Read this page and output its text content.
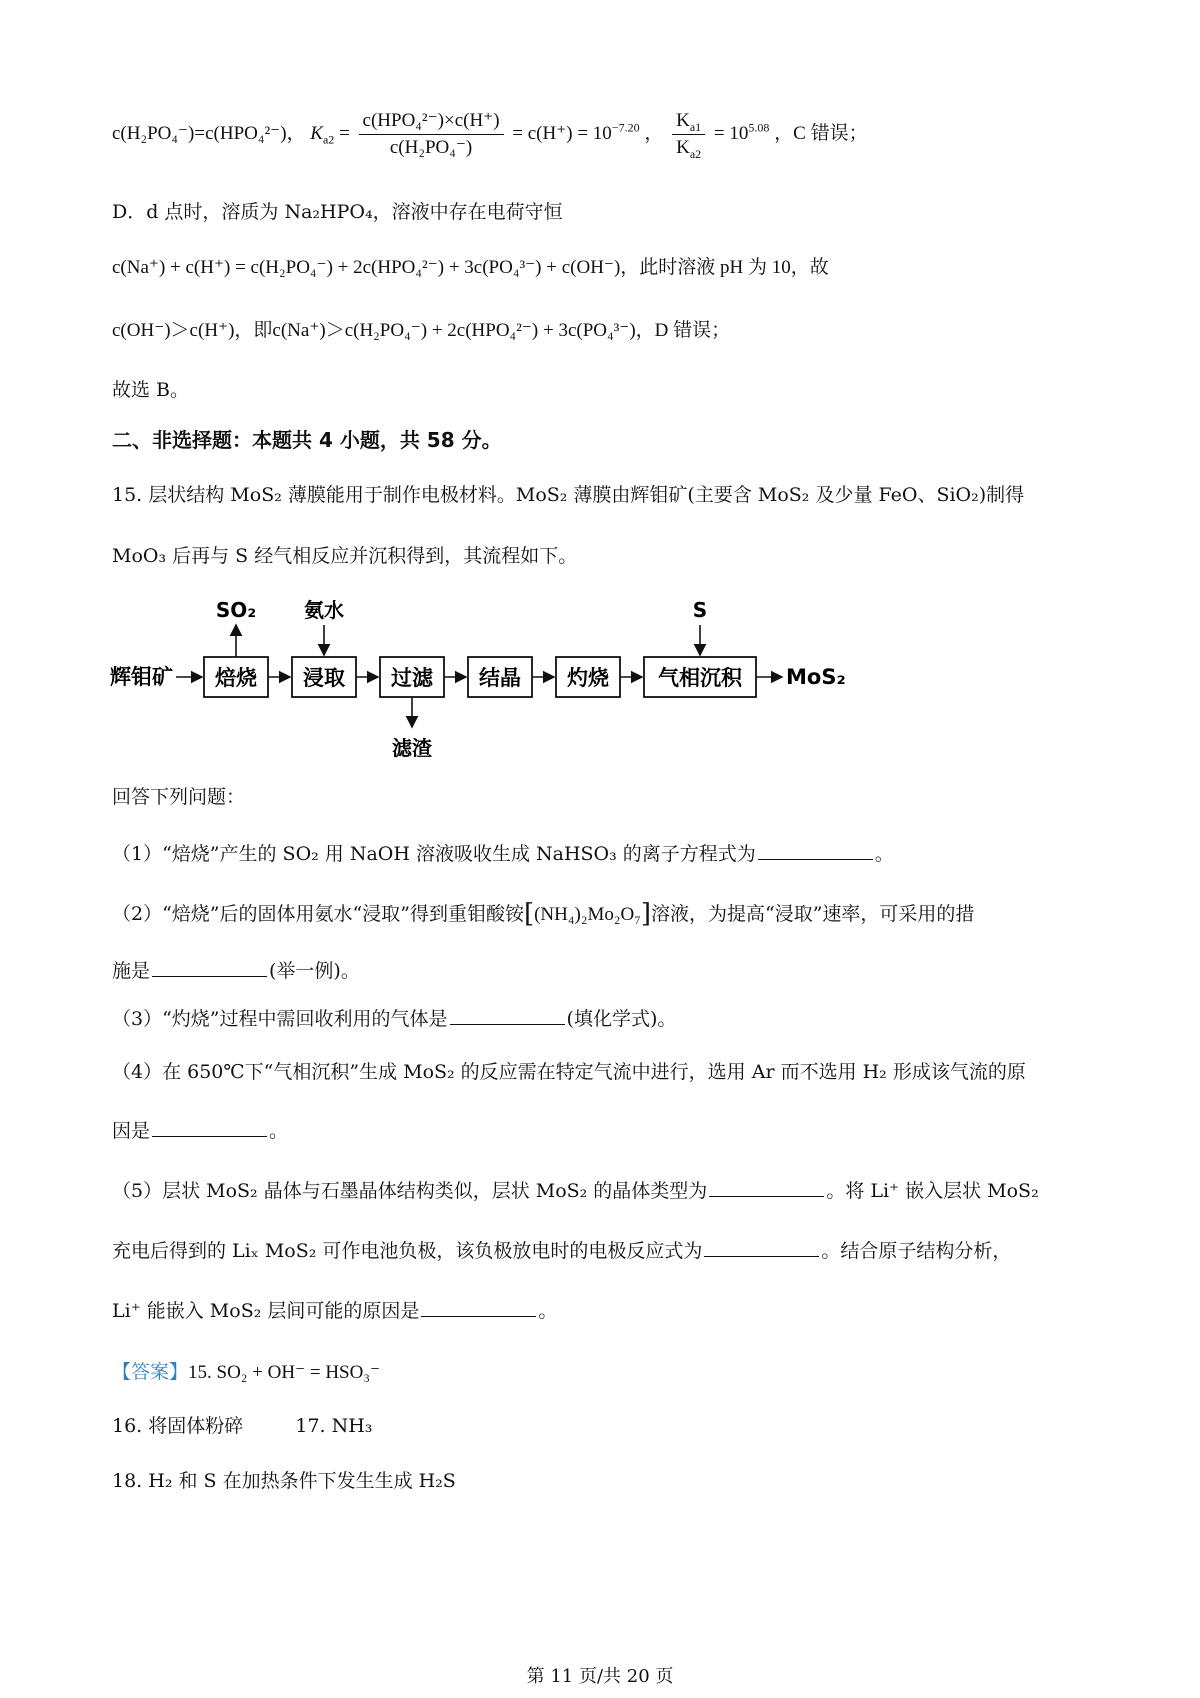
c(H₂PO₄⁻)=c(HPO₄²⁻)， $K_{a2} = \frac{\text{c(HPO₄²⁻)×c(H⁺)}}{\text{c(H₂PO₄⁻)}} = c(H^+) = 10^{-7.20}$ ， $\frac{K_{a1}}{K_{a2}} = 10^{5.08}$ ，C 错误；
D．d 点时，溶质为 Na₂HPO₄，溶液中存在电荷守恒
c(Na⁺) + c(H⁺) = c(H₂PO₄⁻) + 2c(HPO₄²⁻) + 3c(PO₄³⁻) + c(OH⁻)，此时溶液 pH 为 10，故
c(OH⁻)＞c(H⁺)，即c(Na⁺)＞c(H₂PO₄⁻) + 2c(HPO₄²⁻) + 3c(PO₄³⁻)，D 错误；
故选 B。
二、非选择题：本题共 4 小题，共 58 分。
15. 层状结构 MoS₂ 薄膜能用于制作电极材料。MoS₂ 薄膜由辉钼矿(主要含 MoS₂ 及少量 FeO、SiO₂)制得
MoO₃ 后再与 S 经气相反应并沉积得到，其流程如下。
辉钼矿 焙烧 浸取 过滤 结晶 灼烧 气相沉积 MoS₂
SO₂ 氨水
滤渣
S
回答下列问题：
（1）“焙烧”产生的 SO₂ 用 NaOH 溶液吸收生成 NaHSO₃ 的离子方程式为	。
（2）“焙烧”后的固体用氨水“浸取”得到重钼酸铵[(NH₄)₂Mo₂O₇]溶液，为提高“浸取”速率，可采用的措
施是	(举一例)。
（3）“灼烧”过程中需回收利用的气体是	(填化学式)。
（4）在 650℃下“气相沉积”生成 MoS₂ 的反应需在特定气流中进行，选用 Ar 而不选用 H₂ 形成该气流的原
因是	。
（5）层状 MoS₂ 晶体与石墨晶体结构类似，层状 MoS₂ 的晶体类型为	。将 Li⁺ 嵌入层状 MoS₂
充电后得到的 Liₓ MoS₂ 可作电池负极，该负极放电时的电极反应式为	。结合原子结构分析，
Li⁺ 能嵌入 MoS₂ 层间可能的原因是	。
【答案】15. SO₂ + OH⁻ = HSO₃⁻
16. 将固体粉碎	17. NH₃
18. H₂ 和 S 在加热条件下发生生成 H₂S
第 11 页/共 20 页
